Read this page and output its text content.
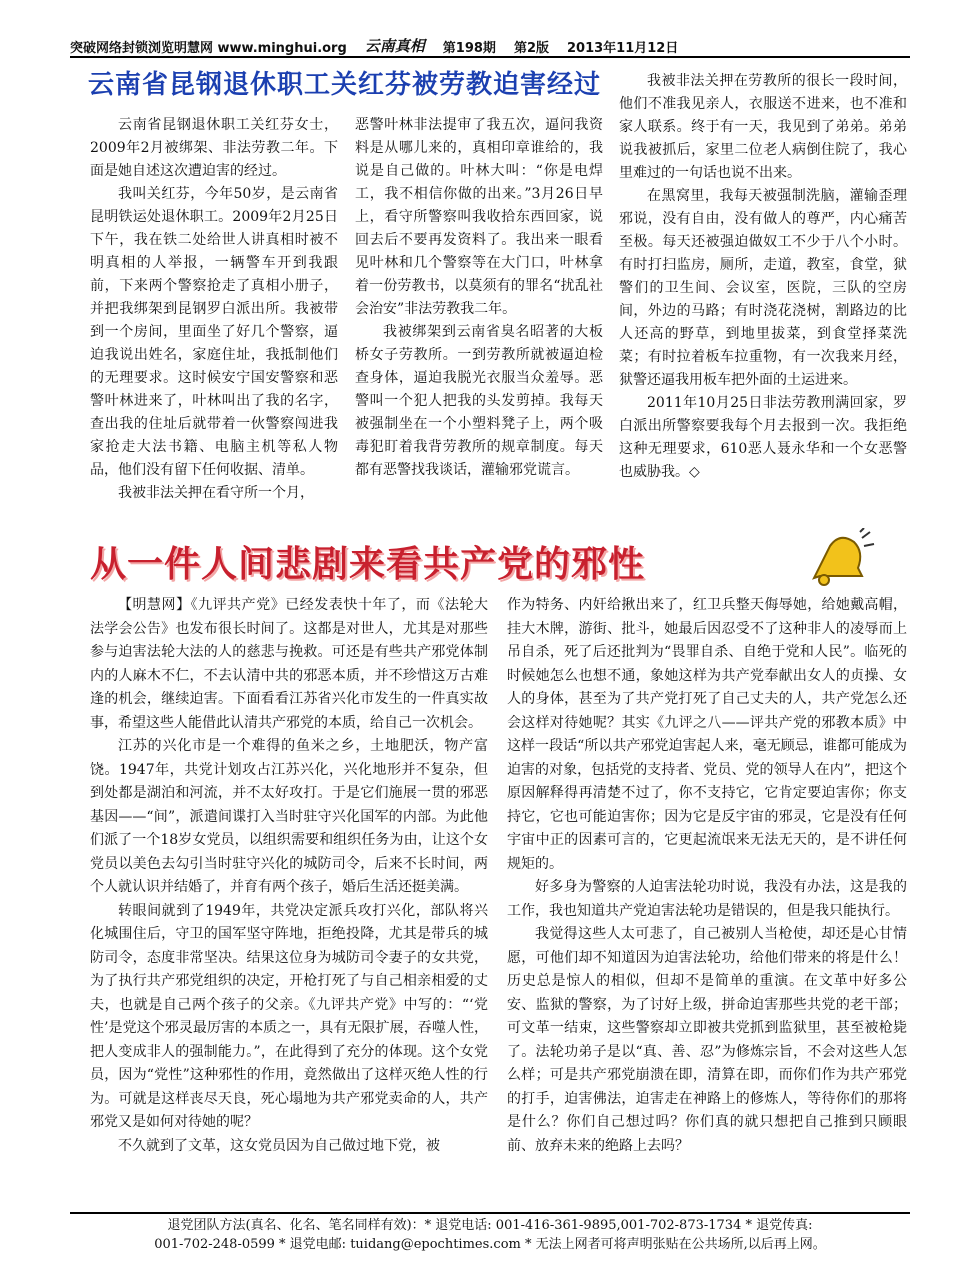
突破网络封锁浏览明慧网 www.minghui.org 云南真相 第198期 第2版 2013年11月12日
云南省昆钢退休职工关红芬被劳教迫害经过

云南省昆钢退休职工关红芬女士，2009年2月被绑架、非法劳教二年。下面是她自述这次遭迫害的经过。

我叫关红芬，今年50岁，是云南省昆明铁运处退休职工。2009年2月25日下午，我在铁二处给世人讲真相时被不明真相的人举报，一辆警车开到我跟前，下来两个警察抢走了真相小册子，并把我绑架到昆钢罗白派出所。我被带到一个房间，里面坐了好几个警察，逼迫我说出姓名，家庭住址，我抵制他们的无理要求。这时候安宁国安警察和恶警叶林进来了，叶林叫出了我的名字，查出我的住址后就带着一伙警察闯进我家抢走大法书籍、电脑主机等私人物品，他们没有留下任何收据、清单。

我被非法关押在看守所一个月，

恶警叶林非法提审了我五次，逼问我资料是从哪儿来的，真相印章谁给的，我说是自己做的。叶林大叫：“你是电焊工，我不相信你做的出来。”3月26日早上，看守所警察叫我收拾东西回家，说回去后不要再发资料了。我出来一眼看见叶林和几个警察等在大门口，叶林拿着一份劳教书，以莫须有的罪名“扰乱社会治安”非法劳教我二年。

我被绑架到云南省臭名昭著的大板桥女子劳教所。一到劳教所就被逼迫检查身体，逼迫我脱光衣服当众羞辱。恶警叫一个犯人把我的头发剪掉。我每天被强制坐在一个小塑料凳子上，两个吸毒犯盯着我背劳教所的规章制度。每天都有恶警找我谈话，灌输邪党谎言。

我被非法关押在劳教所的很长一段时间，他们不准我见亲人，衣服送不进来，也不准和家人联系。终于有一天，我见到了弟弟。弟弟说我被抓后，家里二位老人病倒住院了，我心里难过的一句话也说不出来。

在黑窝里，我每天被强制洗脑，灌输歪理邪说，没有自由，没有做人的尊严，内心痛苦至极。每天还被强迫做奴工不少于八个小时。有时打扫监房，厕所，走道，教室，食堂，狱警们的卫生间、会议室，医院，三队的空房间，外边的马路；有时浇花浇树，割路边的比人还高的野草，到地里拔菜，到食堂择菜洗菜；有时拉着板车拉重物，有一次我来月经，狱警还逼我用板车把外面的土运进来。

2011年10月25日非法劳教刑满回家，罗白派出所警察要我每个月去报到一次。我拒绝这种无理要求，610恶人聂永华和一个女恶警也威胁我。◇

从一件人间悲剧来看共产党的邪性

【明慧网】《九评共产党》已经发表快十年了，而《法轮大法学会公告》也发布很长时间了。这都是对世人，尤其是对那些参与迫害法轮大法的人的慈悲与挽救。可还是有些共产邪党体制内的人麻木不仁，不去认清中共的邪恶本质，并不珍惜这万古难逢的机会，继续迫害。下面看看江苏省兴化市发生的一件真实故事，希望这些人能借此认清共产邪党的本质，给自己一次机会。

江苏的兴化市是一个难得的鱼米之乡，土地肥沃，物产富饶。1947年，共党计划攻占江苏兴化，兴化地形并不复杂，但到处都是湖泊和河流，并不太好攻打。于是它们施展一贯的邪恶基因——“间”，派遣间谍打入当时驻守兴化国军的内部。为此他们派了一个18岁女党员，以组织需要和组织任务为由，让这个女党员以美色去勾引当时驻守兴化的城防司令，后来不长时间，两个人就认识并结婚了，并育有两个孩子，婚后生活还挺美满。

转眼间就到了1949年，共党决定派兵攻打兴化，部队将兴化城围住后，守卫的国军坚守阵地，拒绝投降，尤其是带兵的城防司令，态度非常坚决。结果这位身为城防司令妻子的女共党，为了执行共产邪党组织的决定，开枪打死了与自己相亲相爱的丈夫，也就是自己两个孩子的父亲。《九评共产党》中写的：“‘党性’是党这个邪灵最厉害的本质之一，具有无限扩展，吞噬人性，把人变成非人的强制能力。”，在此得到了充分的体现。这个女党员，因为“党性”这种邪性的作用，竟然做出了这样灭绝人性的行为。可就是这样丧尽天良，死心塌地为共产邪党卖命的人，共产邪党又是如何对待她的呢？

不久就到了文革，这女党员因为自己做过地下党，被

作为特务、内奸给揪出来了，红卫兵整天侮辱她，给她戴高帽，挂大木牌，游街、批斗，她最后因忍受不了这种非人的凌辱而上吊自杀，死了后还批判为“畏罪自杀、自绝于党和人民”。临死的时候她怎么也想不通，象她这样为共产党奉献出女人的贞操、女人的身体，甚至为了共产党打死了自己丈夫的人，共产党怎么还会这样对待她呢？其实《九评之八——评共产党的邪教本质》中这样一段话“所以共产邪党迫害起人来，毫无顾忌，谁都可能成为迫害的对象，包括党的支持者、党员、党的领导人在内”，把这个原因解释得再清楚不过了，你不支持它，它肯定要迫害你；你支持它，它也可能迫害你；因为它是反宇宙的邪灵，它是没有任何宇宙中正的因素可言的，它更起流氓来无法无天的，是不讲任何规矩的。

好多身为警察的人迫害法轮功时说，我没有办法，这是我的工作，我也知道共产党迫害法轮功是错误的，但是我只能执行。

我觉得这些人太可悲了，自己被别人当枪使，却还是心甘情愿，可他们却不知道因为迫害法轮功，给他们带来的将是什么！历史总是惊人的相似，但却不是简单的重演。在文革中好多公安、监狱的警察，为了讨好上级，拼命迫害那些共党的老干部；可文革一结束，这些警察却立即被共党抓到监狱里，甚至被枪毙了。法轮功弟子是以“真、善、忍”为修炼宗旨，不会对这些人怎么样；可是共产邪党崩溃在即，清算在即，而你们作为共产邪党的打手，迫害佛法，迫害走在神路上的修炼人，等待你们的那将是什么？你们自己想过吗？你们真的就只想把自己推到只顾眼前、放弃未来的绝路上去吗？

退党团队方法(真名、化名、笔名同样有效)：* 退党电话: 001-416-361-9895,001-702-873-1734 * 退党传真:
001-702-248-0599 * 退党电邮: tuidang@epochtimes.com * 无法上网者可将声明张贴在公共场所,以后再上网。
